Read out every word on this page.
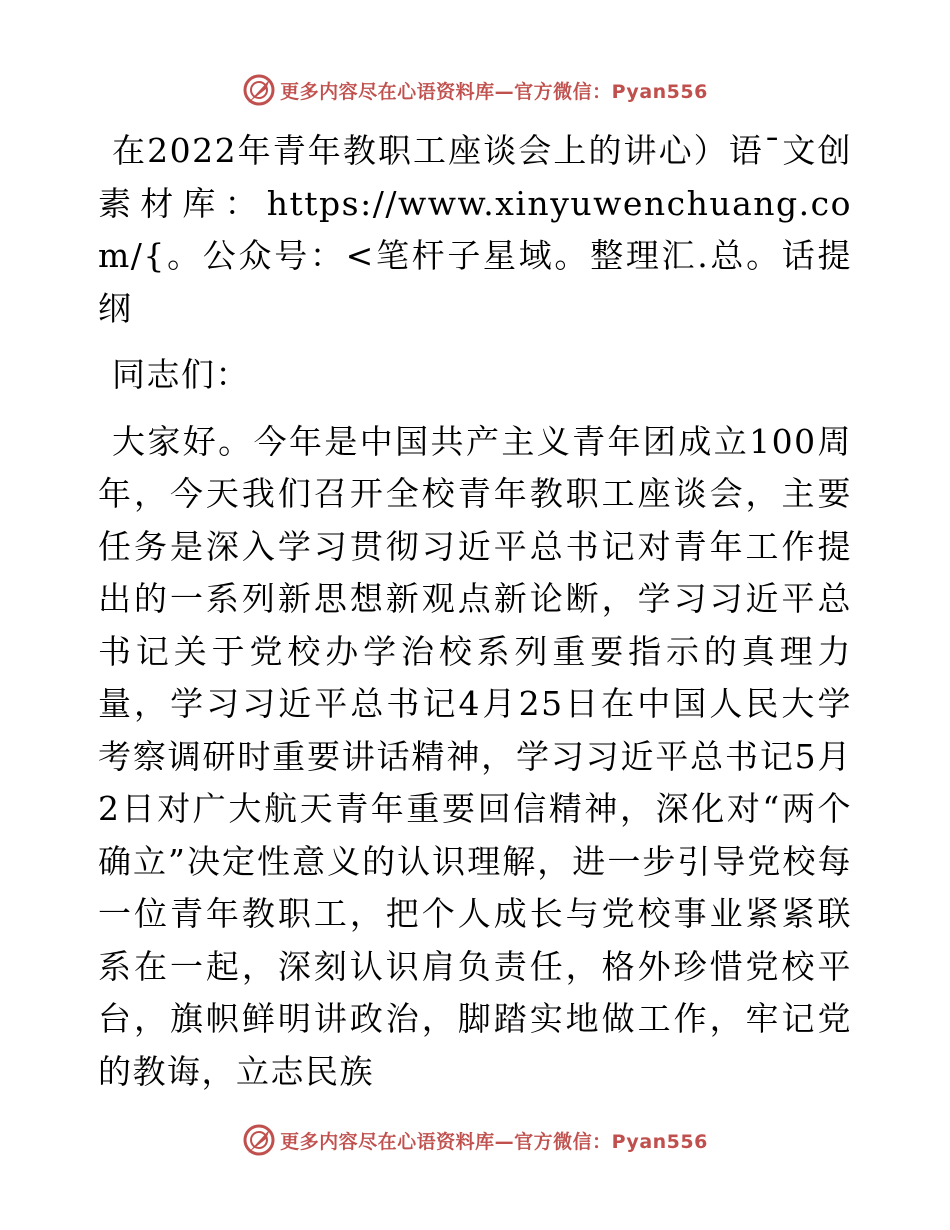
更多内容尽在心语资料库—官方微信：Pyan556

在2022年青年教职工座谈会上的讲心）语¯文创素材库：https://www.xinyuwenchuang.com/{。公众号：<笔杆子星域。整理汇.总。话提纲

同志们：

大家好。今年是中国共产主义青年团成立100周年，今天我们召开全校青年教职工座谈会，主要任务是深入学习贯彻习近平总书记对青年工作提出的一系列新思想新观点新论断，学习习近平总书记关于党校办学治校系列重要指示的真理力量，学习习近平总书记4月25日在中国人民大学考察调研时重要讲话精神，学习习近平总书记5月2日对广大航天青年重要回信精神，深化对“两个确立”决定性意义的认识理解，进一步引导党校每一位青年教职工，把个人成长与党校事业紧紧联系在一起，深刻认识肩负责任，格外珍惜党校平台，旗帜鲜明讲政治，脚踏实地做工作，牢记党的教诲，立志民族

更多内容尽在心语资料库—官方微信：Pyan556
